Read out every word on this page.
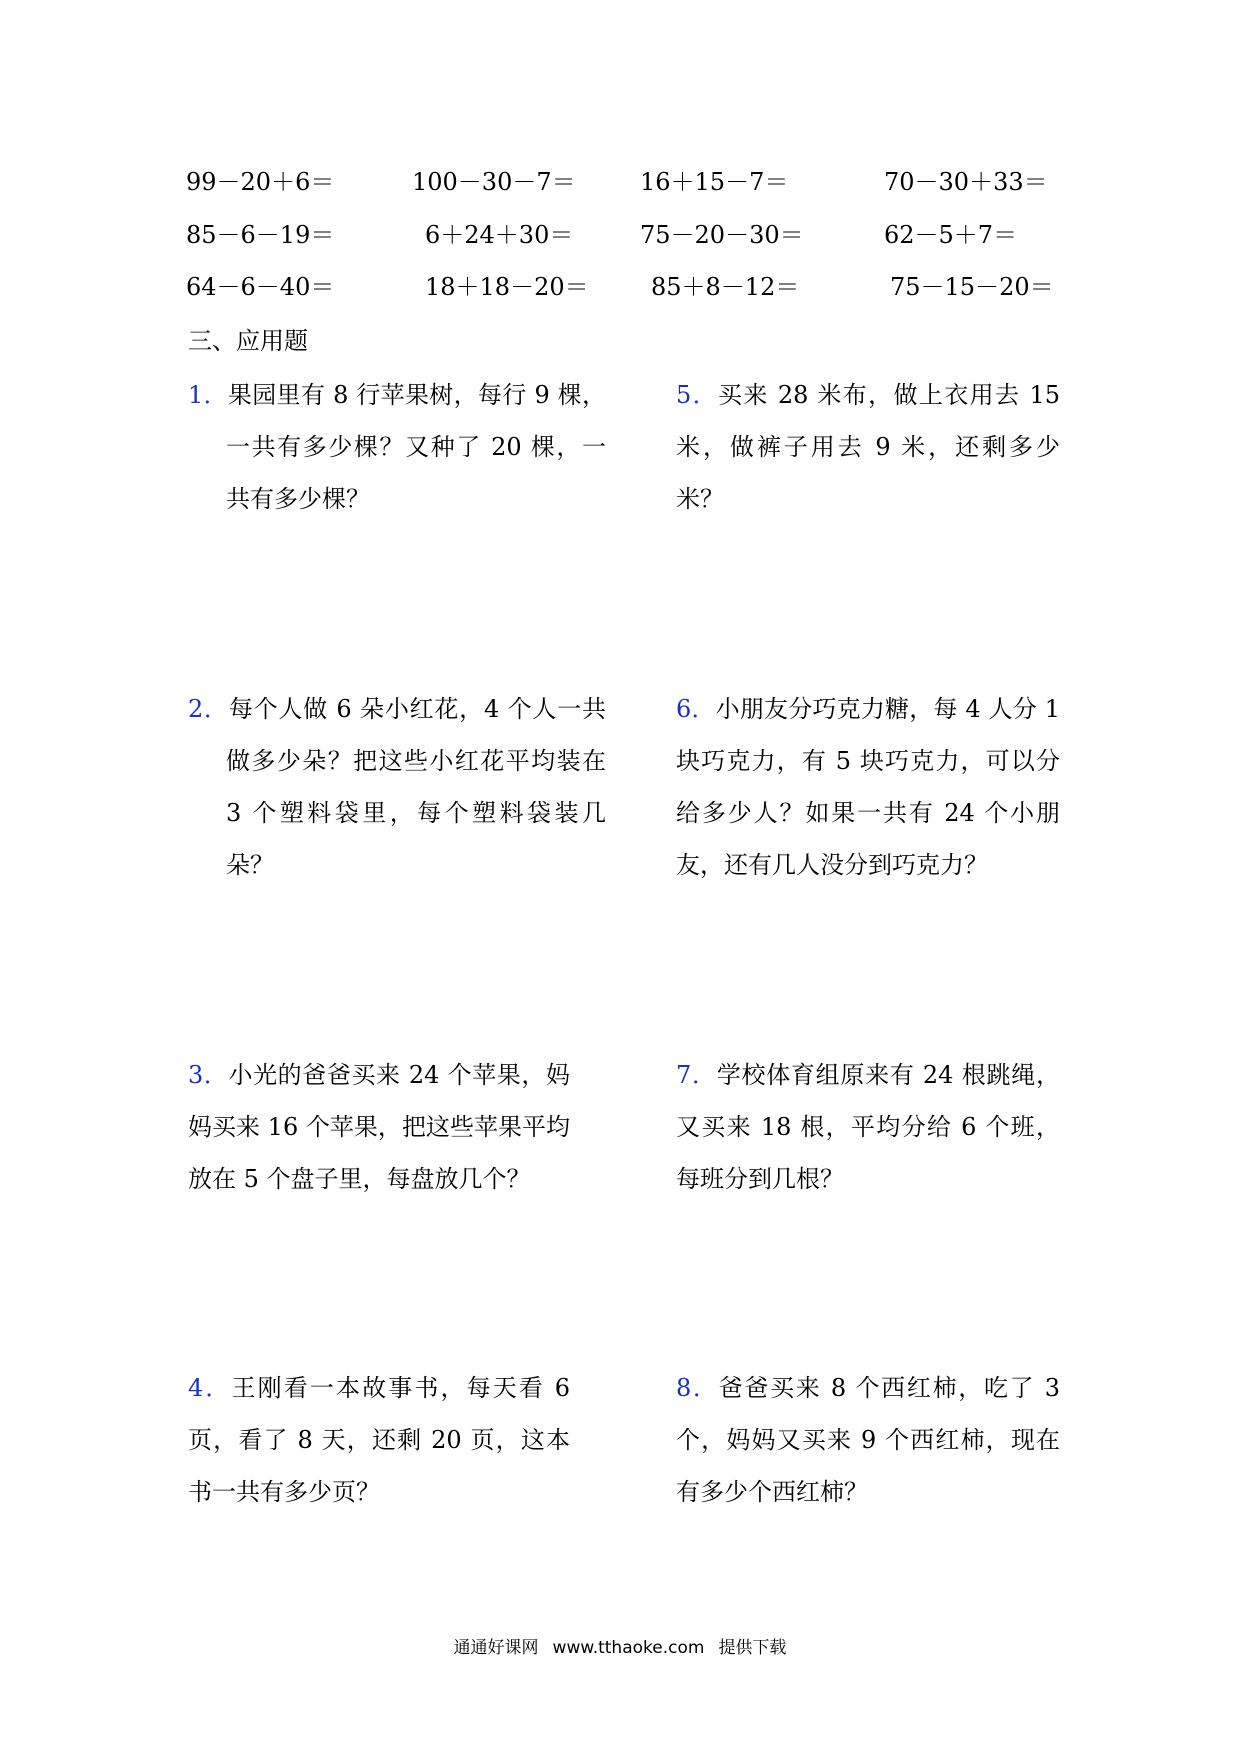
99－20＋6＝	100－30－7＝	16＋15－7＝	70－30＋33＝
85－6－19＝	6＋24＋30＝	75－20－30＝	62－5＋7＝
64－6－40＝	18＋18－20＝	85＋8－12＝	75－15－20＝
三、应用题
1．果园里有 8 行苹果树，每行 9 棵，一共有多少棵？又种了 20 棵，一共有多少棵？
2．每个人做 6 朵小红花，4 个人一共做多少朵？把这些小红花平均装在 3 个塑料袋里，每个塑料袋装几朵？
3．小光的爸爸买来 24 个苹果，妈妈买来 16 个苹果，把这些苹果平均放在 5 个盘子里，每盘放几个？
4．王刚看一本故事书，每天看 6 页，看了 8 天，还剩 20 页，这本书一共有多少页？
5．买来 28 米布，做上衣用去 15 米，做裤子用去 9 米，还剩多少米？
6．小朋友分巧克力糖，每 4 人分 1 块巧克力，有 5 块巧克力，可以分给多少人？如果一共有 24 个小朋友，还有几人没分到巧克力？
7．学校体育组原来有 24 根跳绳，又买来 18 根，平均分给 6 个班，每班分到几根？
8．爸爸买来 8 个西红柿，吃了 3 个，妈妈又买来 9 个西红柿，现在有多少个西红柿？
通通好课网 www.tthaoke.com 提供下载
